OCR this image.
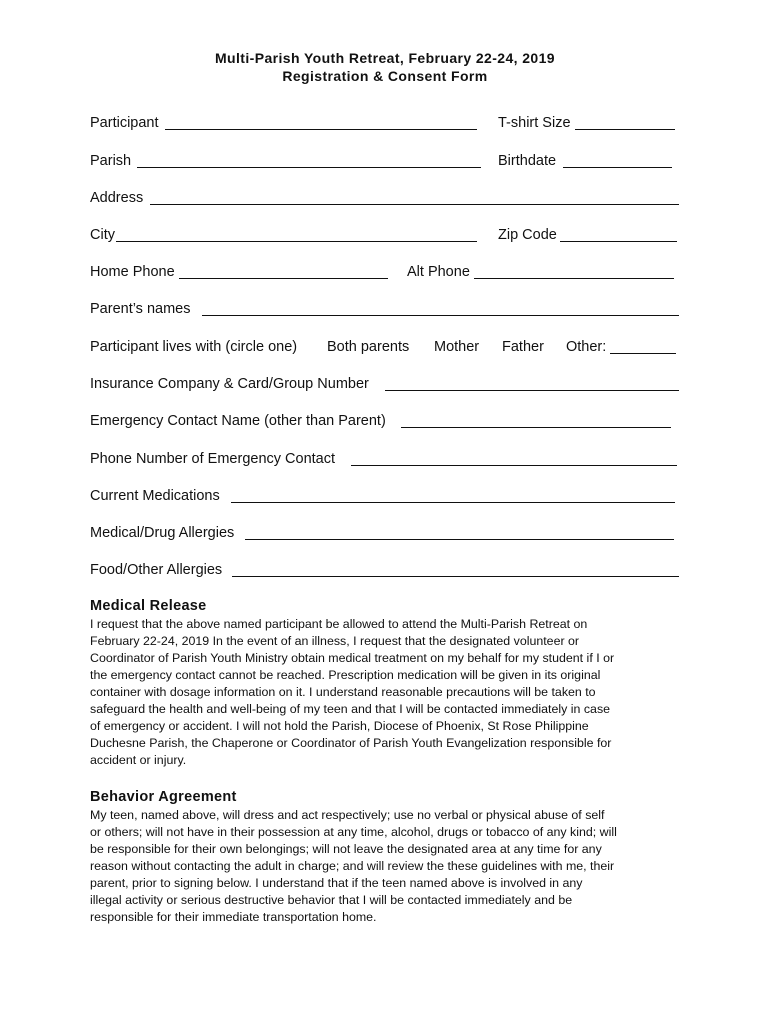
Multi-Parish Youth Retreat, February 22-24, 2019
Registration & Consent Form
Participant	T-shirt Size
Parish	Birthdate
Address
City	Zip Code
Home Phone	Alt Phone
Parent’s names
Participant lives with (circle one) Both parents Mother Father Other:
Insurance Company & Card/Group Number
Emergency Contact Name (other than Parent)
Phone Number of Emergency Contact
Current Medications
Medical/Drug Allergies
Food/Other Allergies
Medical Release
I request that the above named participant be allowed to attend the Multi-Parish Retreat on
February 22-24, 2019 In the event of an illness, I request that the designated volunteer or
Coordinator of Parish Youth Ministry obtain medical treatment on my behalf for my student if I or
the emergency contact cannot be reached. Prescription medication will be given in its original
container with dosage information on it. I understand reasonable precautions will be taken to
safeguard the health and well-being of my teen and that I will be contacted immediately in case
of emergency or accident. I will not hold the Parish, Diocese of Phoenix, St Rose Philippine
Duchesne Parish, the Chaperone or Coordinator of Parish Youth Evangelization responsible for
accident or injury.
Behavior Agreement
My teen, named above, will dress and act respectively; use no verbal or physical abuse of self
or others; will not have in their possession at any time, alcohol, drugs or tobacco of any kind; will
be responsible for their own belongings; will not leave the designated area at any time for any
reason without contacting the adult in charge; and will review the these guidelines with me, their
parent, prior to signing below. I understand that if the teen named above is involved in any
illegal activity or serious destructive behavior that I will be contacted immediately and be
responsible for their immediate transportation home.
